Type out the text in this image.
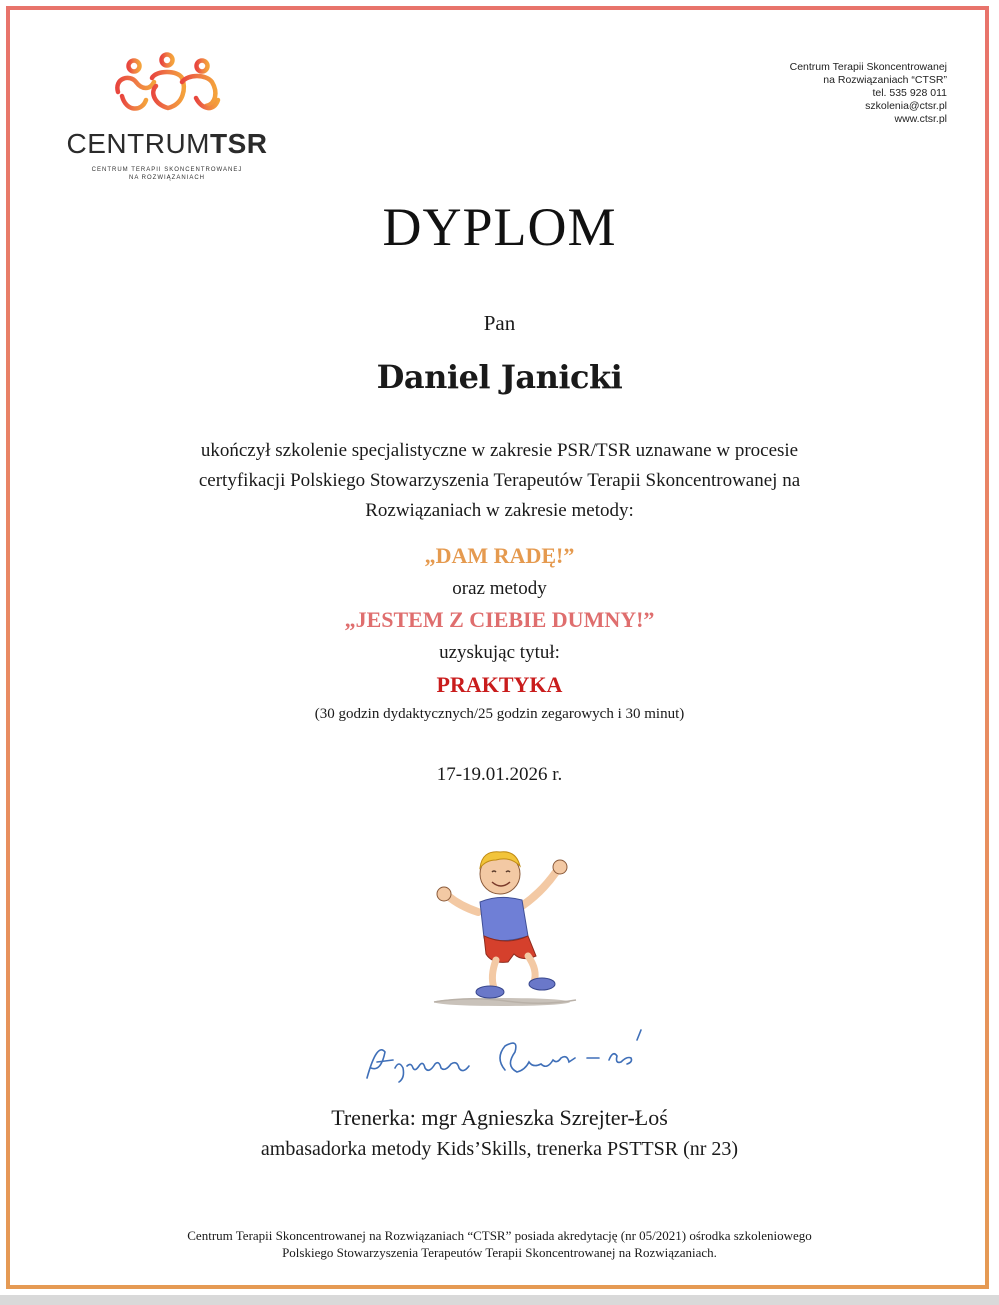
CENTRUMTSR
CENTRUM TERAPII SKONCENTROWANEJ
NA ROZWIĄZANIACH
Centrum Terapii Skoncentrowanej
na Rozwiązaniach “CTSR”
tel. 535 928 011
szkolenia@ctsr.pl
www.ctsr.pl
DYPLOM
Pan
Daniel Janicki
ukończył szkolenie specjalistyczne w zakresie PSR/TSR uznawane w procesie
certyfikacji Polskiego Stowarzyszenia Terapeutów Terapii Skoncentrowanej na
Rozwiązaniach w zakresie metody:
„DAM RADĘ!”
oraz metody
„JESTEM Z CIEBIE DUMNY!”
uzyskując tytuł:
PRAKTYKA
(30 godzin dydaktycznych/25 godzin zegarowych i 30 minut)
17-19.01.2026 r.
Trenerka: mgr Agnieszka Szrejter-Łoś
ambasadorka metody Kids’Skills, trenerka PSTTSR (nr 23)
Centrum Terapii Skoncentrowanej na Rozwiązaniach “CTSR” posiada akredytację (nr 05/2021) ośrodka szkoleniowego
Polskiego Stowarzyszenia Terapeutów Terapii Skoncentrowanej na Rozwiązaniach.
